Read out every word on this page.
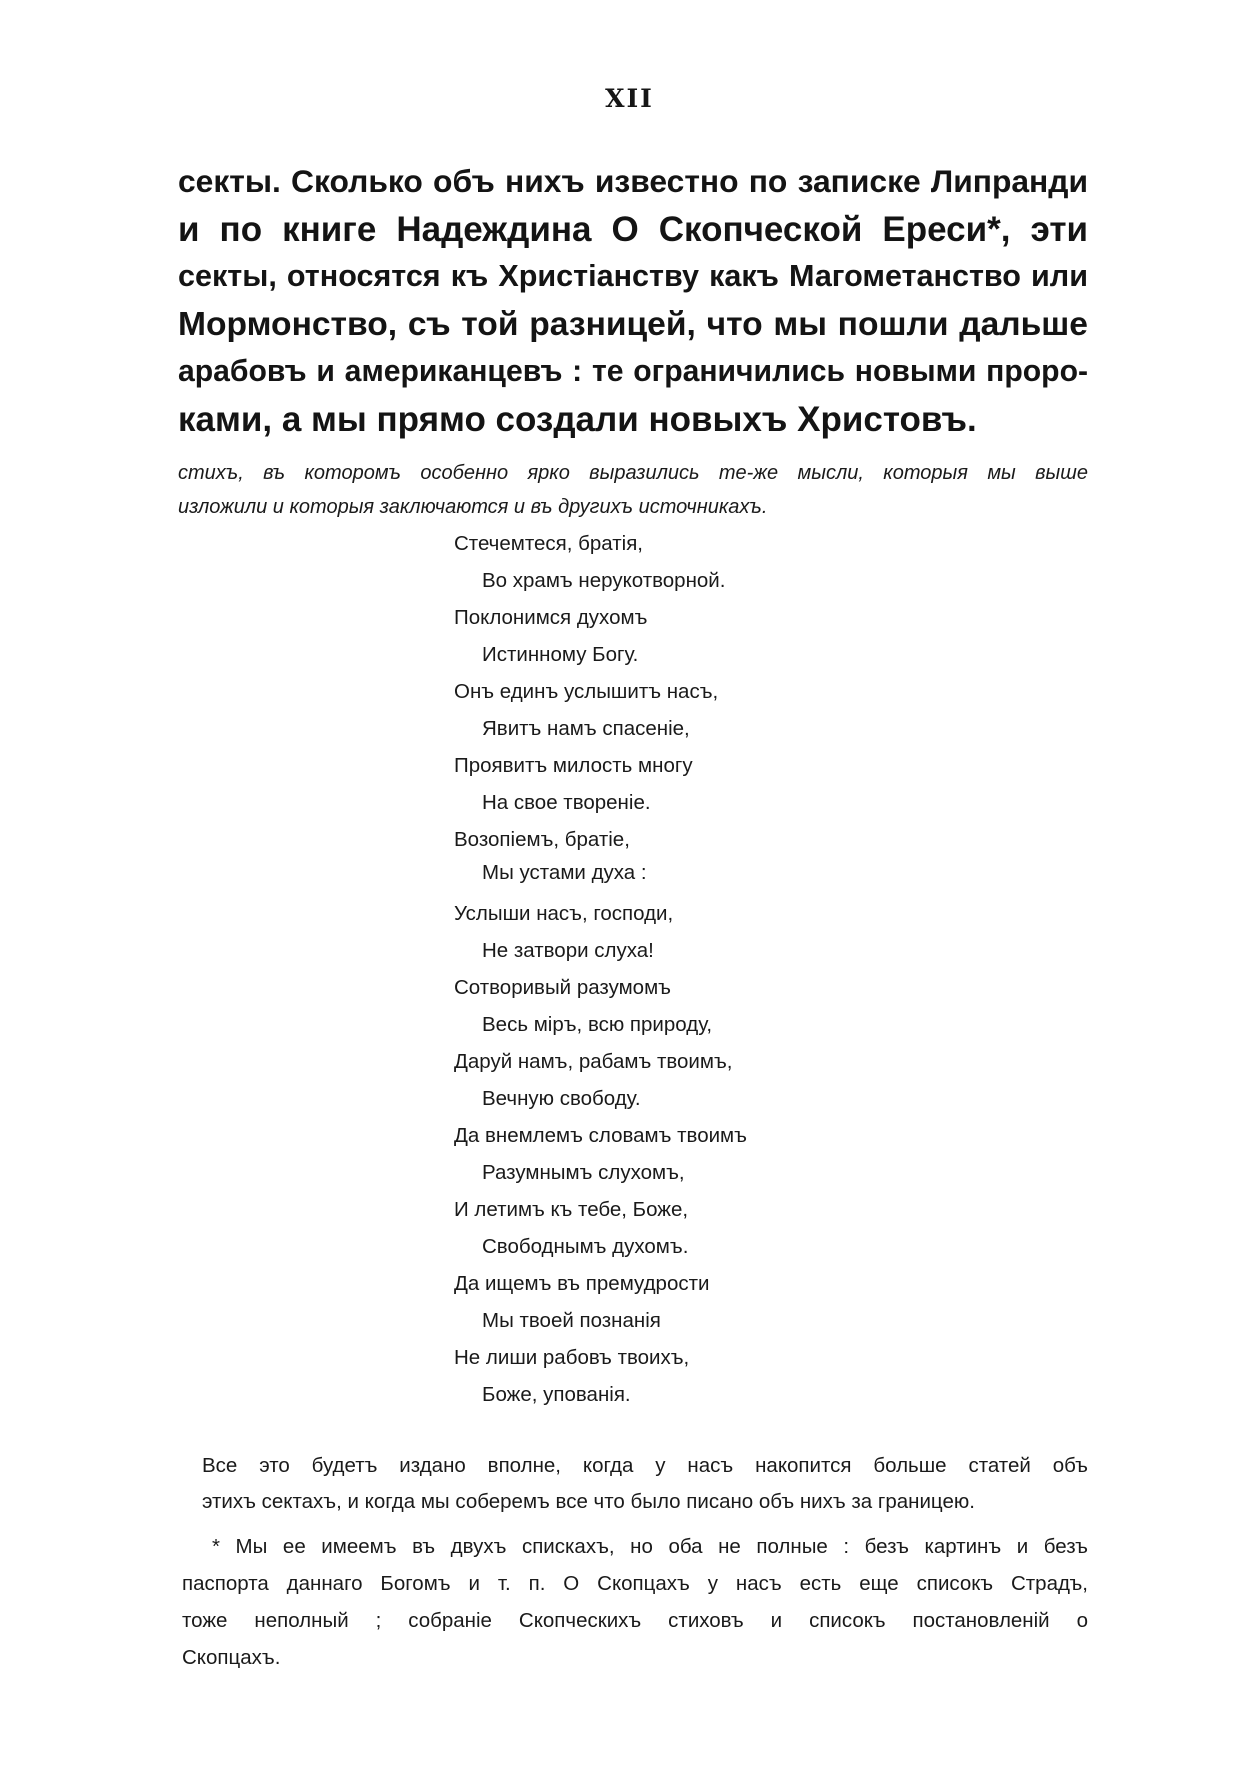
XII
секты. Сколько объ нихъ известно по записке Липранди
и по книге Надеждина О Скопческой Ереси*, эти
секты, относятся къ Христiанству какъ Магометанство или
Мормонство, съ той разницей, что мы пошли дальше
арабовъ и американцевъ : те ограничились новыми проро-
ками, а мы прямо создали новыхъ Христовъ.
стихъ, въ которомъ особенно ярко выразились те-же мысли, которыя мы выше
изложили и которыя заключаются и въ другихъ источникахъ.
Стечемтеся, братiя,
Во храмъ нерукотворной.
Поклонимся духомъ
Истинному Богу.
Онъ единъ услышитъ насъ,
Явитъ намъ спасенiе,
Проявитъ милость многу
На свое творенiе.
Возопiемъ, братiе,
Мы устами духа :
Услыши насъ, господи,
Не затвори слуха!
Сотворивый разумомъ
Весь мiръ, всю природу,
Даруй намъ, рабамъ твоимъ,
Вечную свободу.
Да внемлемъ словамъ твоимъ
Разумнымъ слухомъ,
И летимъ къ тебе, Боже,
Свободнымъ духомъ.
Да ищемъ въ премудрости
Мы твоей познанiя
Не лиши рабовъ твоихъ,
Боже, упованiя.
Все это будетъ издано вполне, когда у насъ накопится больше статей объ
этихъ сектахъ, и когда мы соберемъ все что было писано объ нихъ за границею.
* Мы ее имеемъ въ двухъ спискахъ, но оба не полные : безъ картинъ и безъ
паспорта даннаго Богомъ и т. п. О Скопцахъ у насъ есть еще списокъ Страдъ,
тоже неполный ; собранiе Скопческихъ стиховъ и списокъ постановленiй о
Скопцахъ.
